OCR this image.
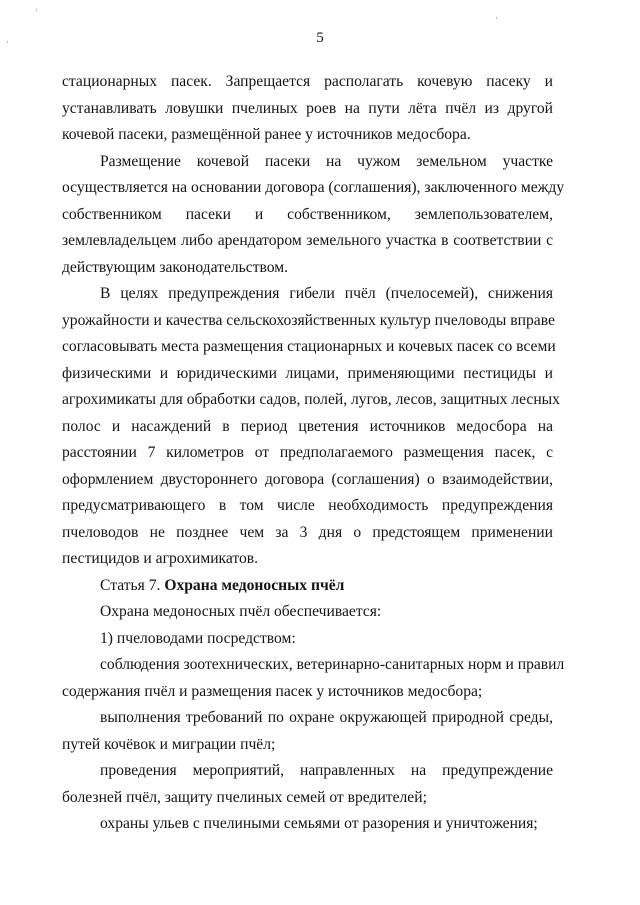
·
·
·
5

стационарных пасек. Запрещается располагать кочевую пасеку и
устанавливать ловушки пчелиных роев на пути лёта пчёл из другой
кочевой пасеки, размещённой ранее у источников медосбора.

Размещение кочевой пасеки на чужом земельном участке
осуществляется на основании договора (соглашения), заключенного между
собственником пасеки и собственником, землепользователем,
землевладельцем либо арендатором земельного участка в соответствии с
действующим законодательством.

В целях предупреждения гибели пчёл (пчелосемей), снижения
урожайности и качества сельскохозяйственных культур пчеловоды вправе
согласовывать места размещения стационарных и кочевых пасек со всеми
физическими и юридическими лицами, применяющими пестициды и
агрохимикаты для обработки садов, полей, лугов, лесов, защитных лесных
полос и насаждений в период цветения источников медосбора на
расстоянии 7 километров от предполагаемого размещения пасек, с
оформлением двустороннего договора (соглашения) о взаимодействии,
предусматривающего в том числе необходимость предупреждения
пчеловодов не позднее чем за 3 дня о предстоящем применении
пестицидов и агрохимикатов.

Статья 7. Охрана медоносных пчёл

Охрана медоносных пчёл обеспечивается:

1) пчеловодами посредством:

соблюдения зоотехнических, ветеринарно-санитарных норм и правил
содержания пчёл и размещения пасек у источников медосбора;

выполнения требований по охране окружающей природной среды,
путей кочёвок и миграции пчёл;

проведения мероприятий, направленных на предупреждение
болезней пчёл, защиту пчелиных семей от вредителей;

охраны ульев с пчелиными семьями от разорения и уничтожения;
